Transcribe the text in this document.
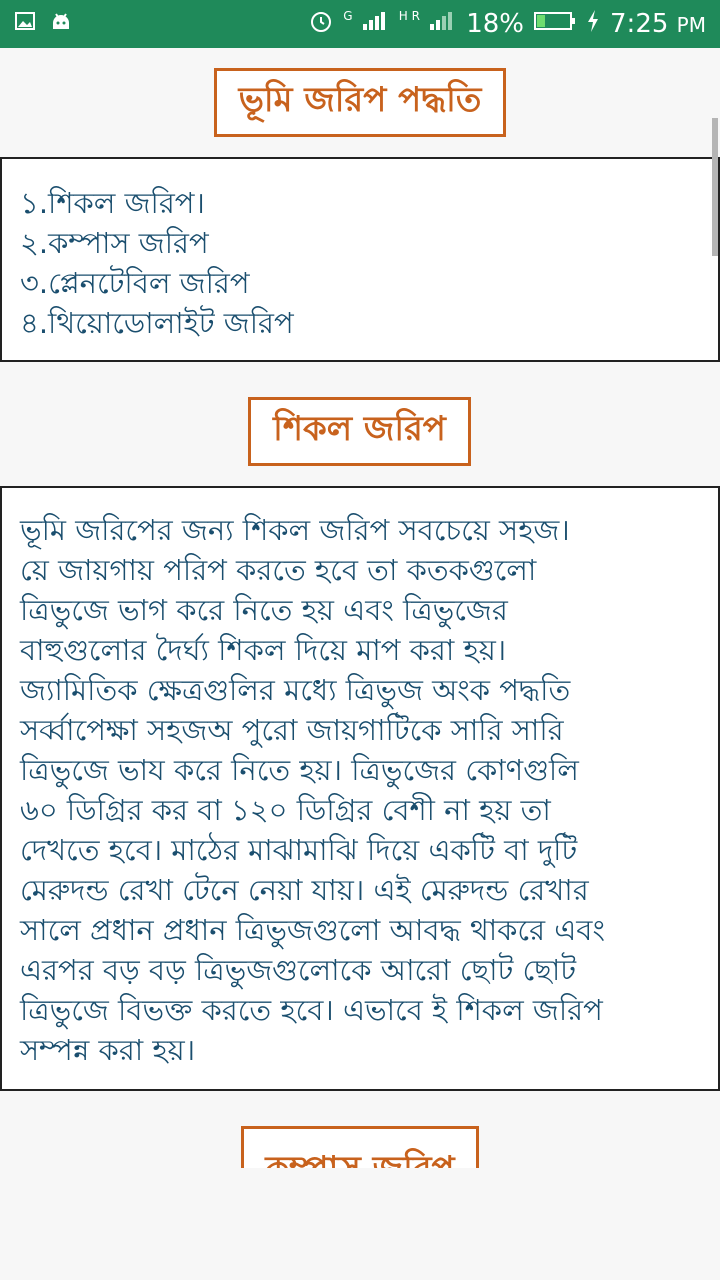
$^G$	$^{H R}$	18%	7:25 PM
ভূমি জরিপ পদ্ধতি
১.শিকল জরিপ।
২.কম্পাস জরিপ
৩.প্লেনটেবিল জরিপ
৪.থিয়োডোলাইট জরিপ
শিকল জরিপ
ভূমি জরিপের জন্য শিকল জরিপ সবচেয়ে সহজ।
য়ে জায়গায় পরিপ করতে হবে তা কতকগুলো
ত্রিভুজে ভাগ করে নিতে হয় এবং ত্রিভুজের
বাহুগুলোর দৈর্ঘ্য শিকল দিয়ে মাপ করা হয়।
জ্যামিতিক ক্ষেত্রগুলির মধ্যে ত্রিভুজ অংক পদ্ধতি
সর্ব্বাপেক্ষা সহজঅ পুরো জায়গাটিকে সারি সারি
ত্রিভুজে ভায করে নিতে হয়। ত্রিভুজের কোণগুলি
৬০ ডিগ্রির কর বা ১২০ ডিগ্রির বেশী না হয় তা
দেখতে হবে। মাঠের মাঝামাঝি দিয়ে একটি বা দুটি
মেরুদন্ড রেখা টেনে নেয়া যায়। এই মেরুদন্ড রেখার
সালে প্রধান প্রধান ত্রিভুজগুলো আবদ্ধ থাকরে এবং
এরপর বড় বড় ত্রিভুজগুলোকে আরো ছোট ছোট
ত্রিভুজে বিভক্ত করতে হবে। এভাবে ই শিকল জরিপ
সম্পন্ন করা হয়।
